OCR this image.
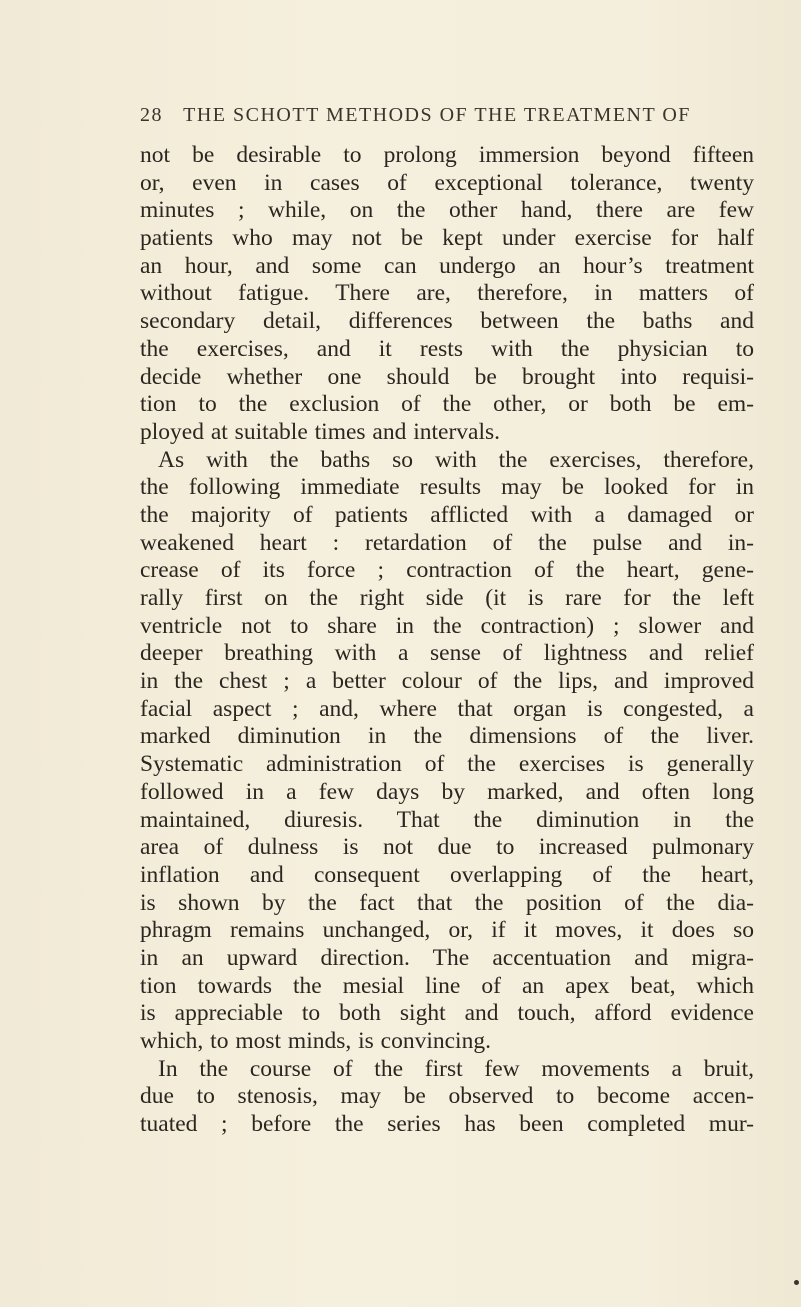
28 THE SCHOTT METHODS OF THE TREATMENT OF
not be desirable to prolong immersion beyond fifteen
or, even in cases of exceptional tolerance, twenty
minutes ; while, on the other hand, there are few
patients who may not be kept under exercise for half
an hour, and some can undergo an hour’s treatment
without fatigue. There are, therefore, in matters of
secondary detail, differences between the baths and
the exercises, and it rests with the physician to
decide whether one should be brought into requisi-
tion to the exclusion of the other, or both be em-
ployed at suitable times and intervals.
As with the baths so with the exercises, therefore,
the following immediate results may be looked for in
the majority of patients afflicted with a damaged or
weakened heart : retardation of the pulse and in-
crease of its force ; contraction of the heart, gene-
rally first on the right side (it is rare for the left
ventricle not to share in the contraction) ; slower and
deeper breathing with a sense of lightness and relief
in the chest ; a better colour of the lips, and improved
facial aspect ; and, where that organ is congested, a
marked diminution in the dimensions of the liver.
Systematic administration of the exercises is generally
followed in a few days by marked, and often long
maintained, diuresis. That the diminution in the
area of dulness is not due to increased pulmonary
inflation and consequent overlapping of the heart,
is shown by the fact that the position of the dia-
phragm remains unchanged, or, if it moves, it does so
in an upward direction. The accentuation and migra-
tion towards the mesial line of an apex beat, which
is appreciable to both sight and touch, afford evidence
which, to most minds, is convincing.
In the course of the first few movements a bruit,
due to stenosis, may be observed to become accen-
tuated ; before the series has been completed mur-
